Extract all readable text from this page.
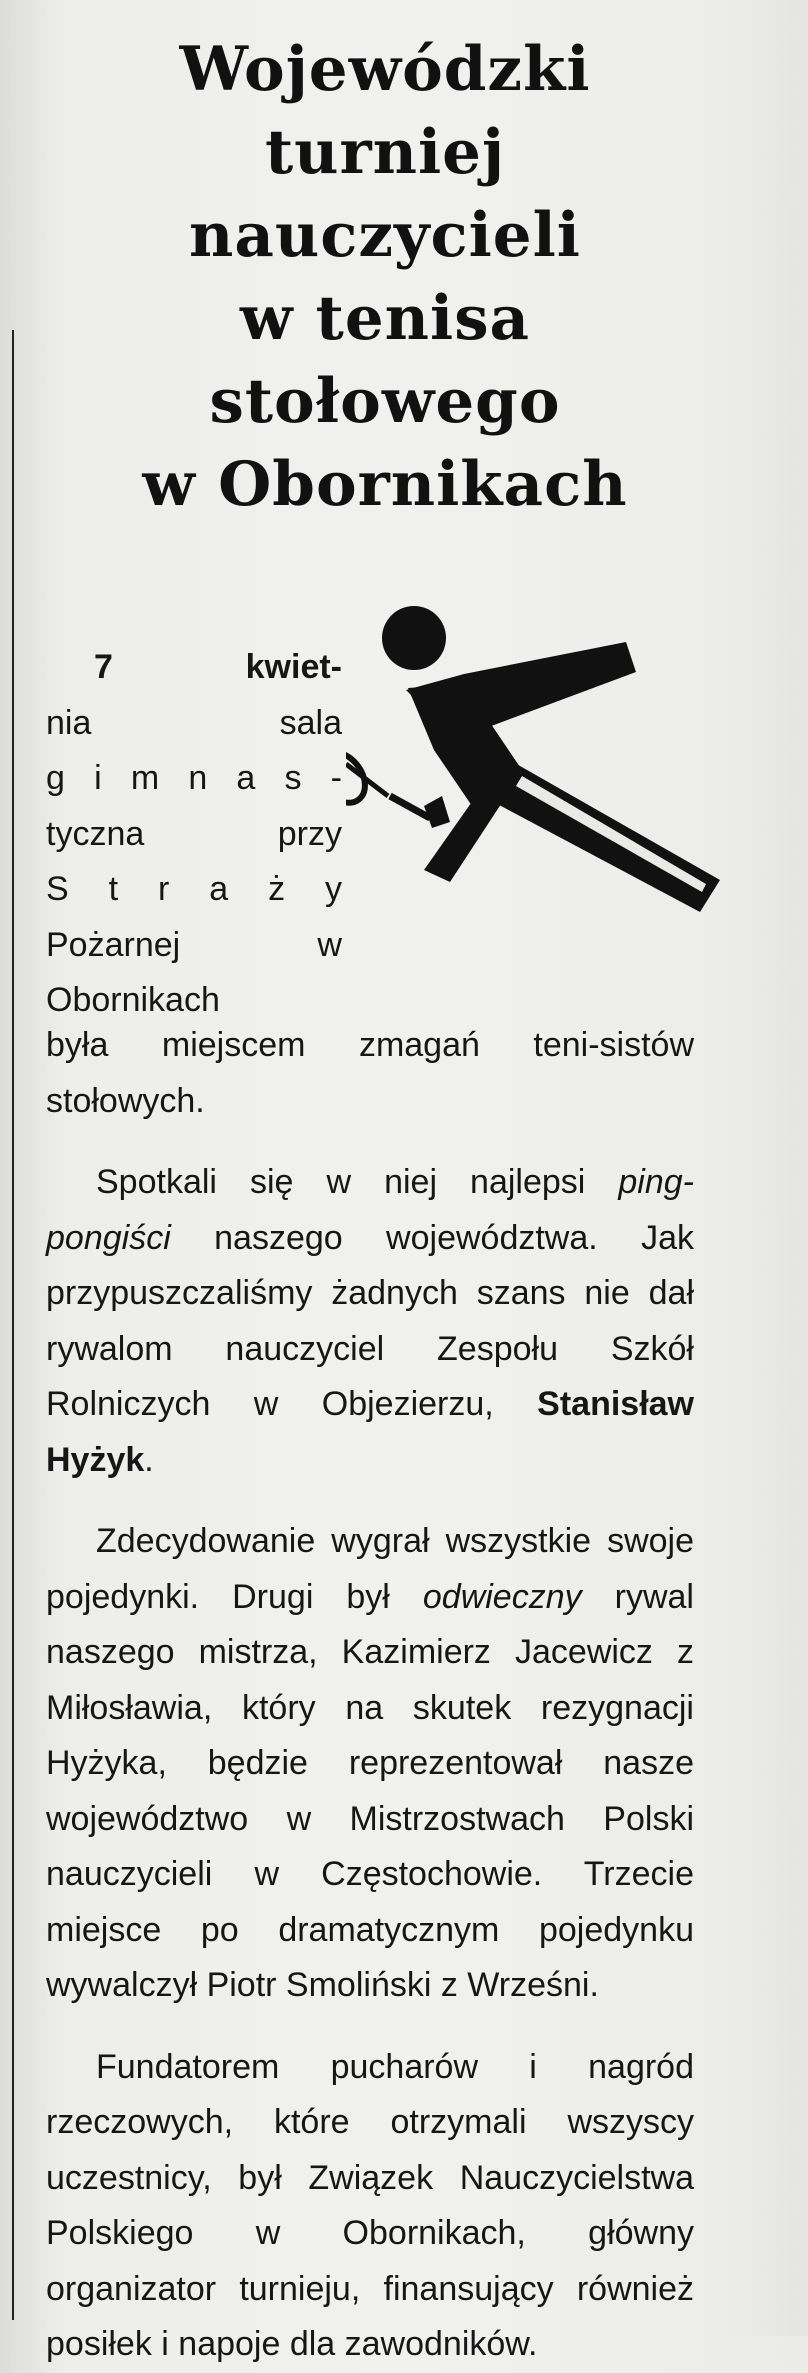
Wojewódzki
turniej
nauczycieli
w tenisa
stołowego
w Obornikach
7 kwiet-
nia sala
g i m n a s -
tyczna przy
S t r a ż y
Pożarnej w
Obornikach
była miejscem zmagań teni-sistów stołowych.
Spotkali się w niej najlepsi ping-pongiści naszego województwa. Jak przypuszczaliśmy żadnych szans nie dał rywalom nauczyciel Zespołu Szkół Rolniczych w Objezierzu, Stanisław Hyżyk.
Zdecydowanie wygrał wszystkie swoje pojedynki. Drugi był odwieczny rywal naszego mistrza, Kazimierz Jacewicz z Miłosławia, który na skutek rezygnacji Hyżyka, będzie reprezentował nasze województwo w Mistrzostwach Polski nauczycieli w Częstochowie. Trzecie miejsce po dramatycznym pojedynku wywalczył Piotr Smoliński z Wrześni.
Fundatorem pucharów i nagród rzeczowych, które otrzymali wszyscy uczestnicy, był Związek Nauczycielstwa Polskiego w Obornikach, główny organizator turnieju, finansujący również posiłek i napoje dla zawodników.
